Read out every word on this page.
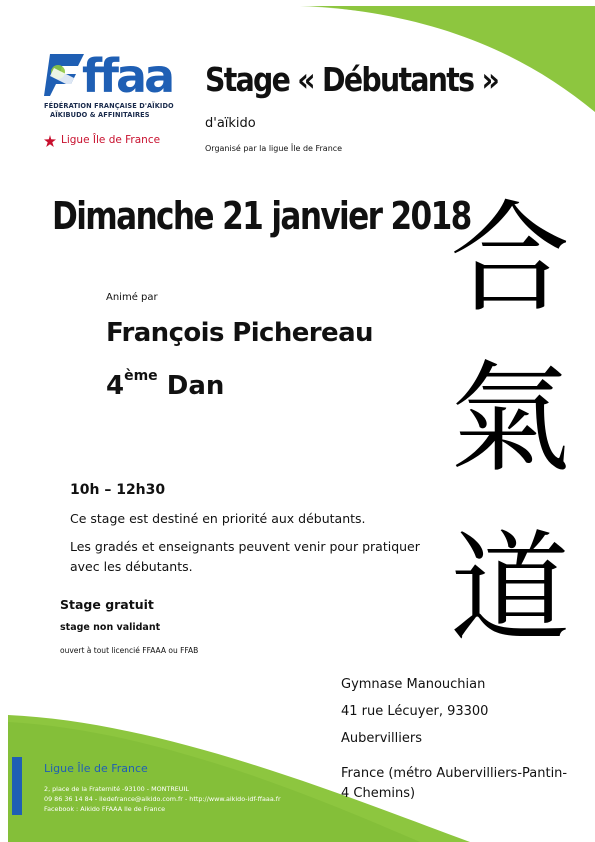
ffaa
FÉDÉRATION FRANÇAISE D'AÏKIDO
AÏKIBUDO & AFFINITAIRES
Ligue Île de France
Stage « Débutants »
d'aïkido
Organisé par la ligue Île de France
Dimanche 21 janvier 2018
Animé par
François Pichereau
4ème Dan
合
氣
道
10h – 12h30
Ce stage est destiné en priorité aux débutants.
Les gradés et enseignants peuvent venir pour pratiquer avec les débutants.
Stage gratuit
stage non validant
ouvert à tout licencié FFAAA ou FFAB
Gymnase Manouchian
41 rue Lécuyer, 93300
Aubervilliers
France (métro Aubervilliers-Pantin-
4 Chemins)
Ligue Île de France
2, place de la Fraternité -93100 - MONTREUIL
09 86 36 14 84 - iledefrance@aikido.com.fr - http://www.aikido-idf-ffaaa.fr
Facebook : Aikido FFAAA Ile de France
